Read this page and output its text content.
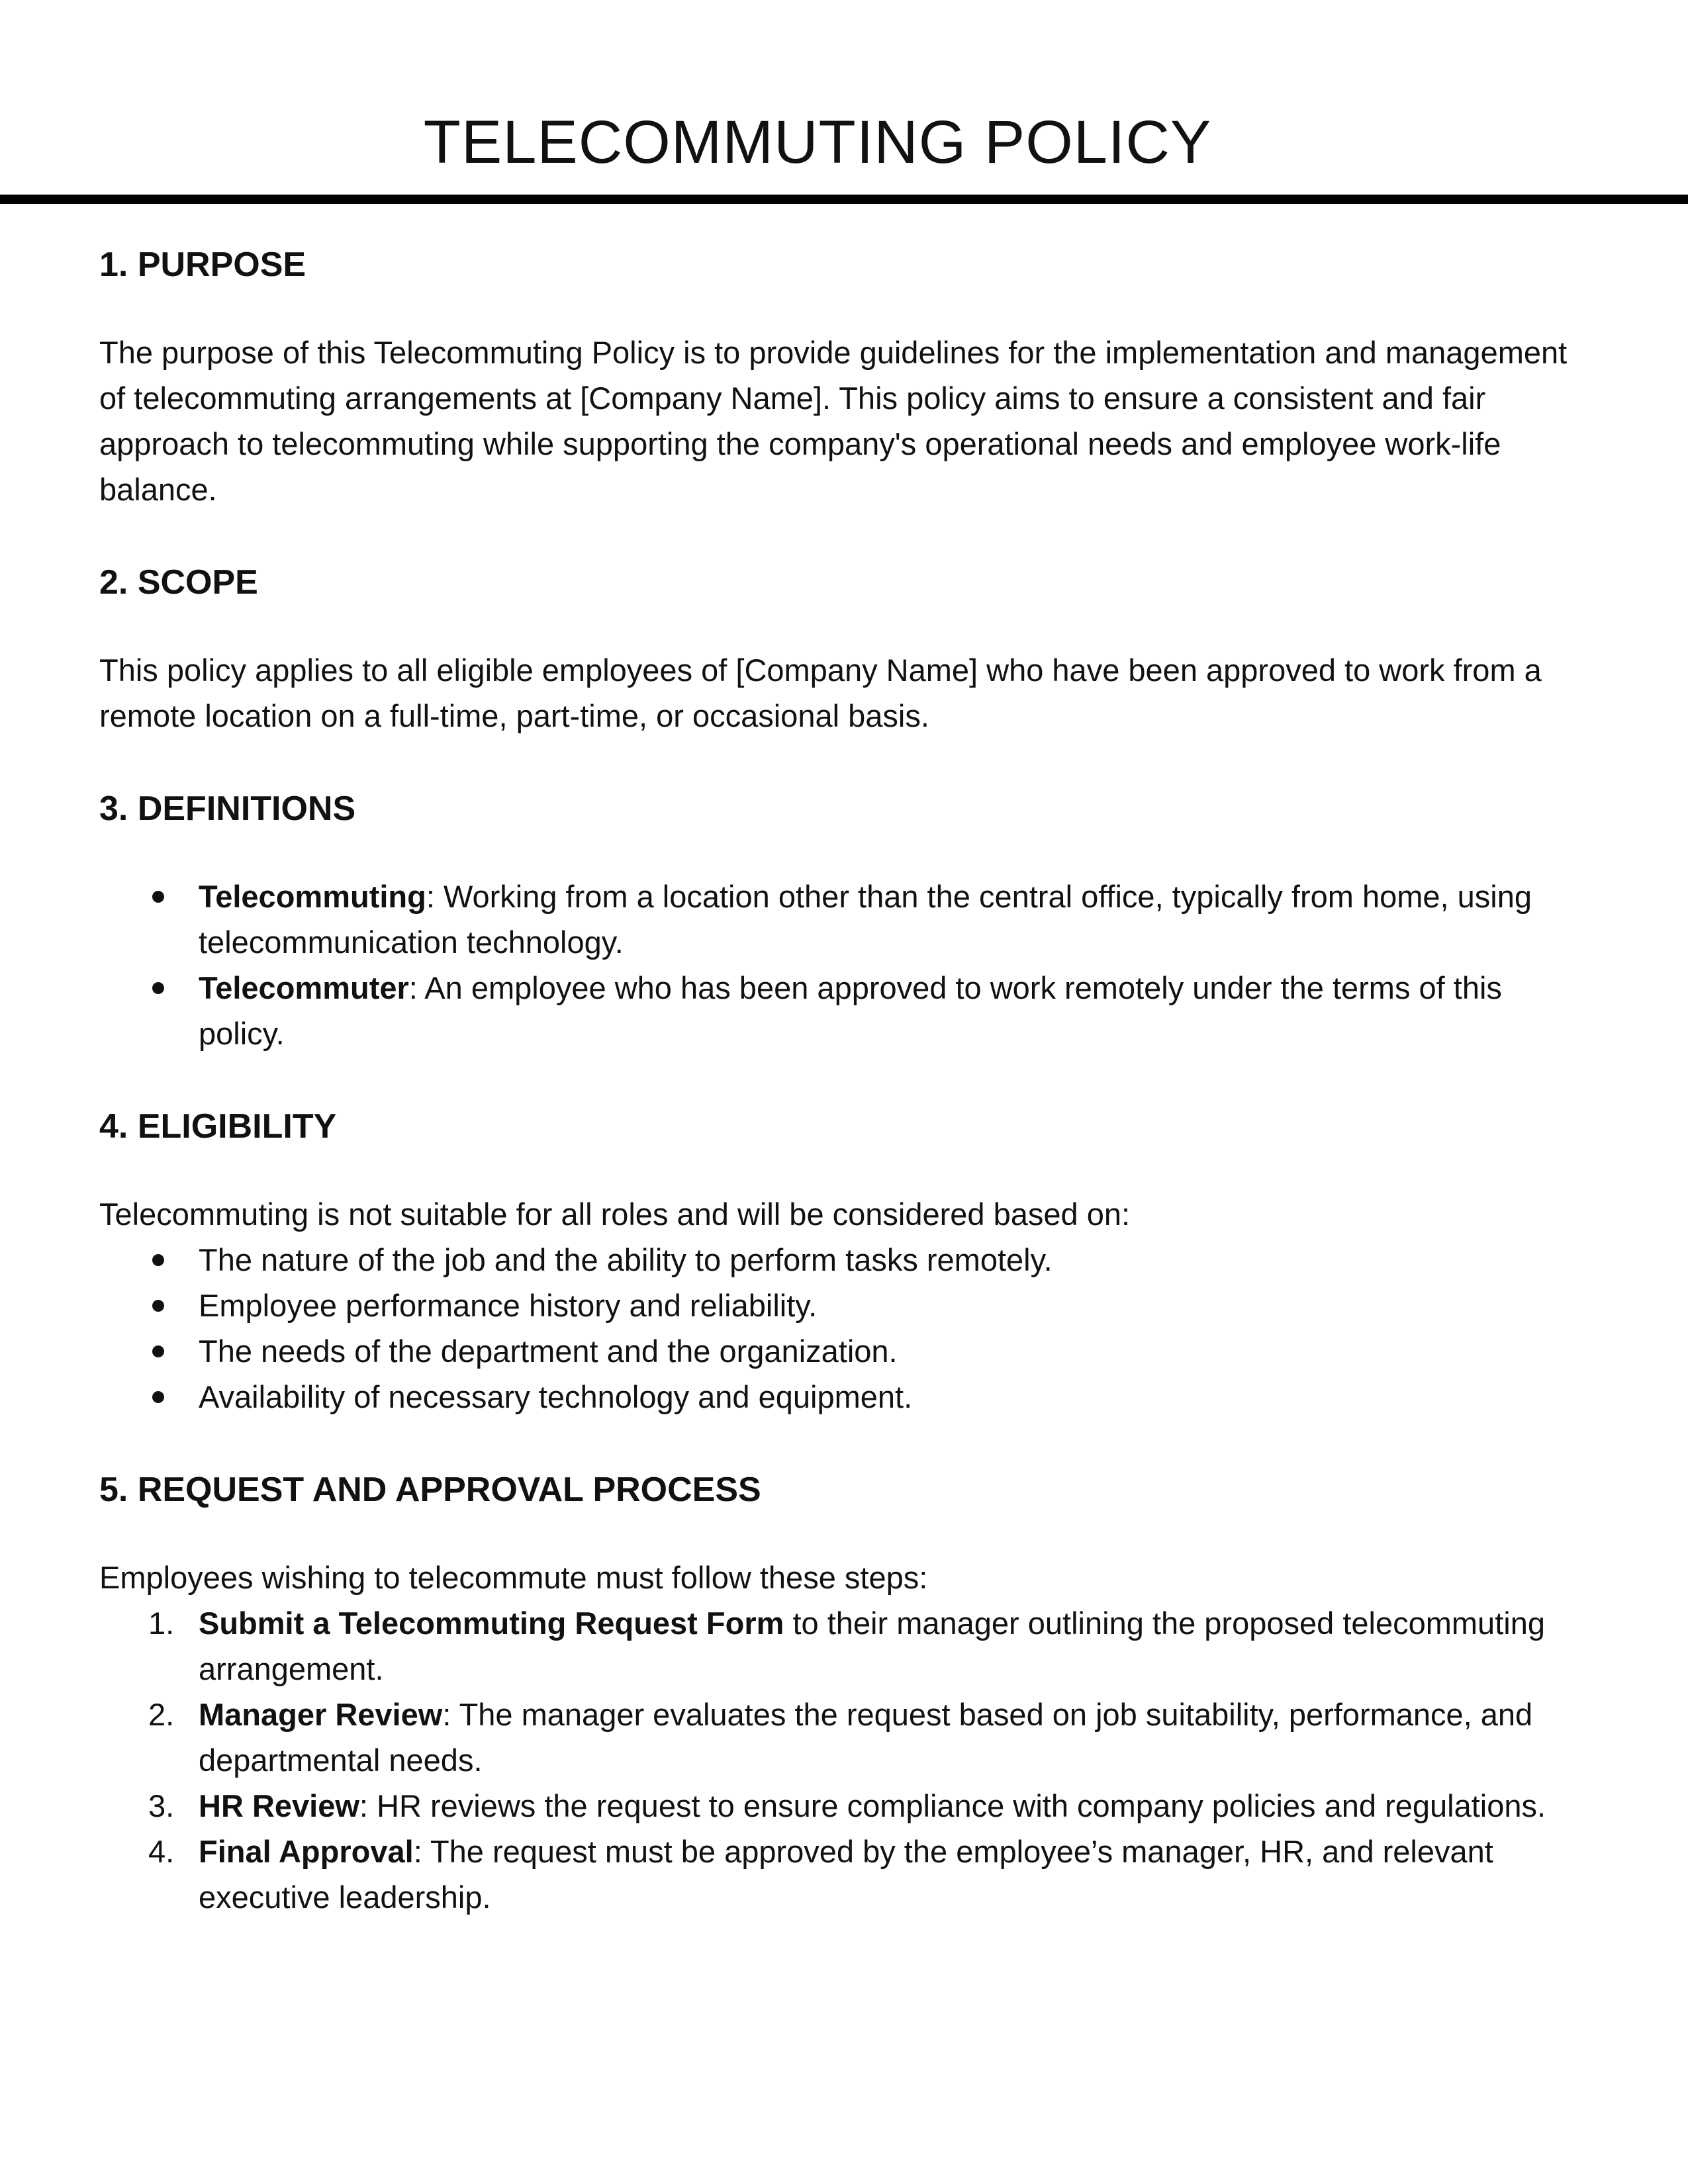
TELECOMMUTING POLICY
1. PURPOSE

The purpose of this Telecommuting Policy is to provide guidelines for the implementation and management of telecommuting arrangements at [Company Name]. This policy aims to ensure a consistent and fair approach to telecommuting while supporting the company's operational needs and employee work-life balance.

2. SCOPE

This policy applies to all eligible employees of [Company Name] who have been approved to work from a remote location on a full-time, part-time, or occasional basis.

3. DEFINITIONS
Telecommuting: Working from a location other than the central office, typically from home, using telecommunication technology.
Telecommuter: An employee who has been approved to work remotely under the terms of this policy.
4. ELIGIBILITY

Telecommuting is not suitable for all roles and will be considered based on:

The nature of the job and the ability to perform tasks remotely.
Employee performance history and reliability.
The needs of the department and the organization.
Availability of necessary technology and equipment.
5. REQUEST AND APPROVAL PROCESS

Employees wishing to telecommute must follow these steps:

1. Submit a Telecommuting Request Form to their manager outlining the proposed telecommuting arrangement.
2. Manager Review: The manager evaluates the request based on job suitability, performance, and departmental needs.
3. HR Review: HR reviews the request to ensure compliance with company policies and regulations.
4. Final Approval: The request must be approved by the employee’s manager, HR, and relevant executive leadership.
